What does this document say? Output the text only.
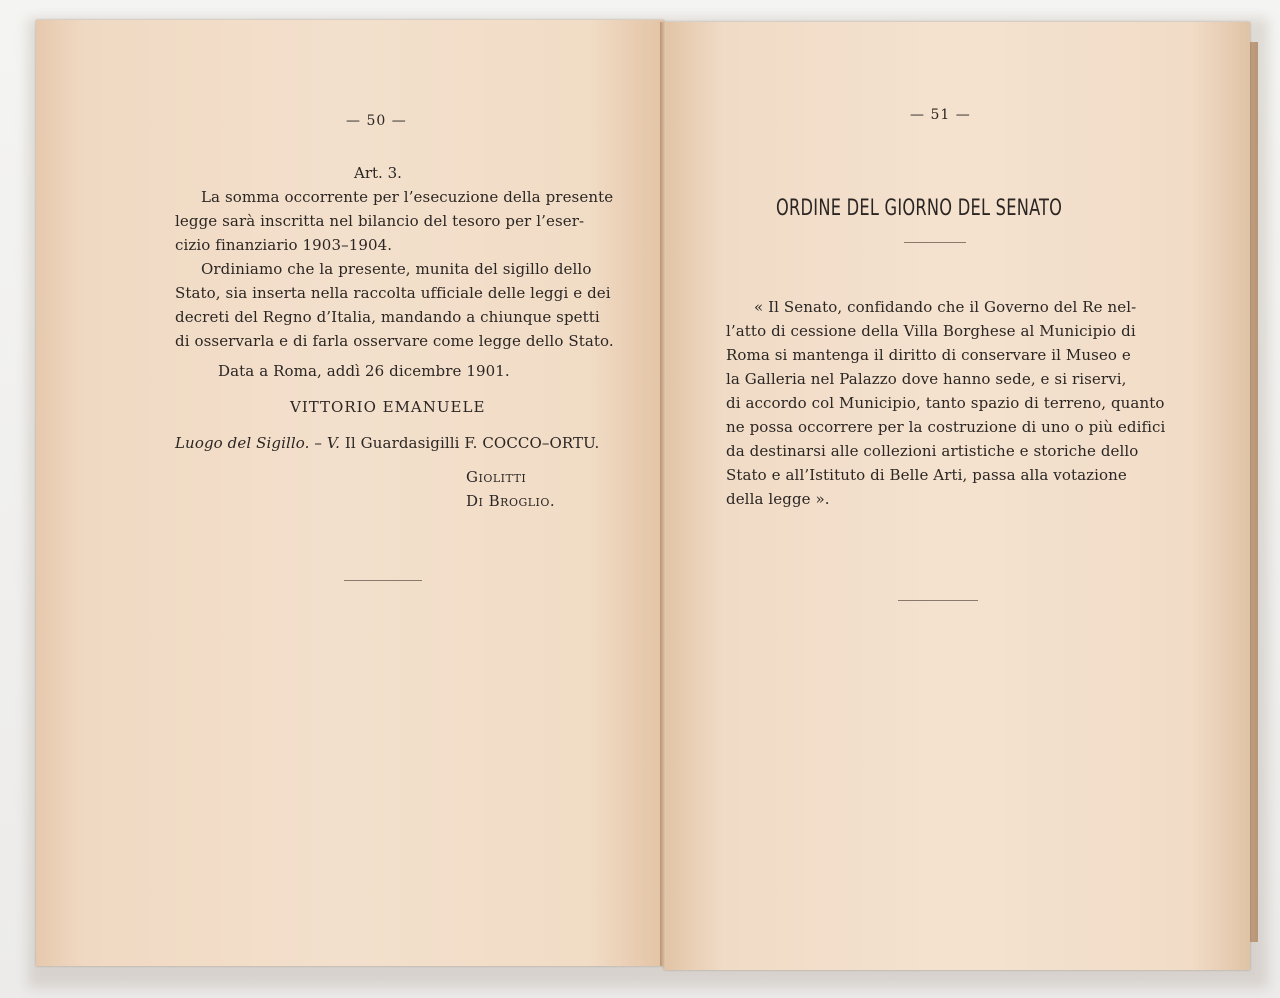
— 50 —
Art. 3.
La somma occorrente per l’esecuzione della presente
legge sarà inscritta nel bilancio del tesoro per l’eser-
cizio finanziario 1903–1904.
Ordiniamo che la presente, munita del sigillo dello
Stato, sia inserta nella raccolta ufficiale delle leggi e dei
decreti del Regno d’Italia, mandando a chiunque spetti
di osservarla e di farla osservare come legge dello Stato.
Data a Roma, addì 26 dicembre 1901.
VITTORIO EMANUELE
Luogo del Sigillo. – V. Il Guardasigilli F. COCCO–ORTU.
Giolitti
Di Broglio.
— 51 —
ORDINE DEL GIORNO DEL SENATO
« Il Senato, confidando che il Governo del Re nel-
l’atto di cessione della Villa Borghese al Municipio di
Roma si mantenga il diritto di conservare il Museo e
la Galleria nel Palazzo dove hanno sede, e si riservi,
di accordo col Municipio, tanto spazio di terreno, quanto
ne possa occorrere per la costruzione di uno o più edifici
da destinarsi alle collezioni artistiche e storiche dello
Stato e all’Istituto di Belle Arti, passa alla votazione
della legge ».
